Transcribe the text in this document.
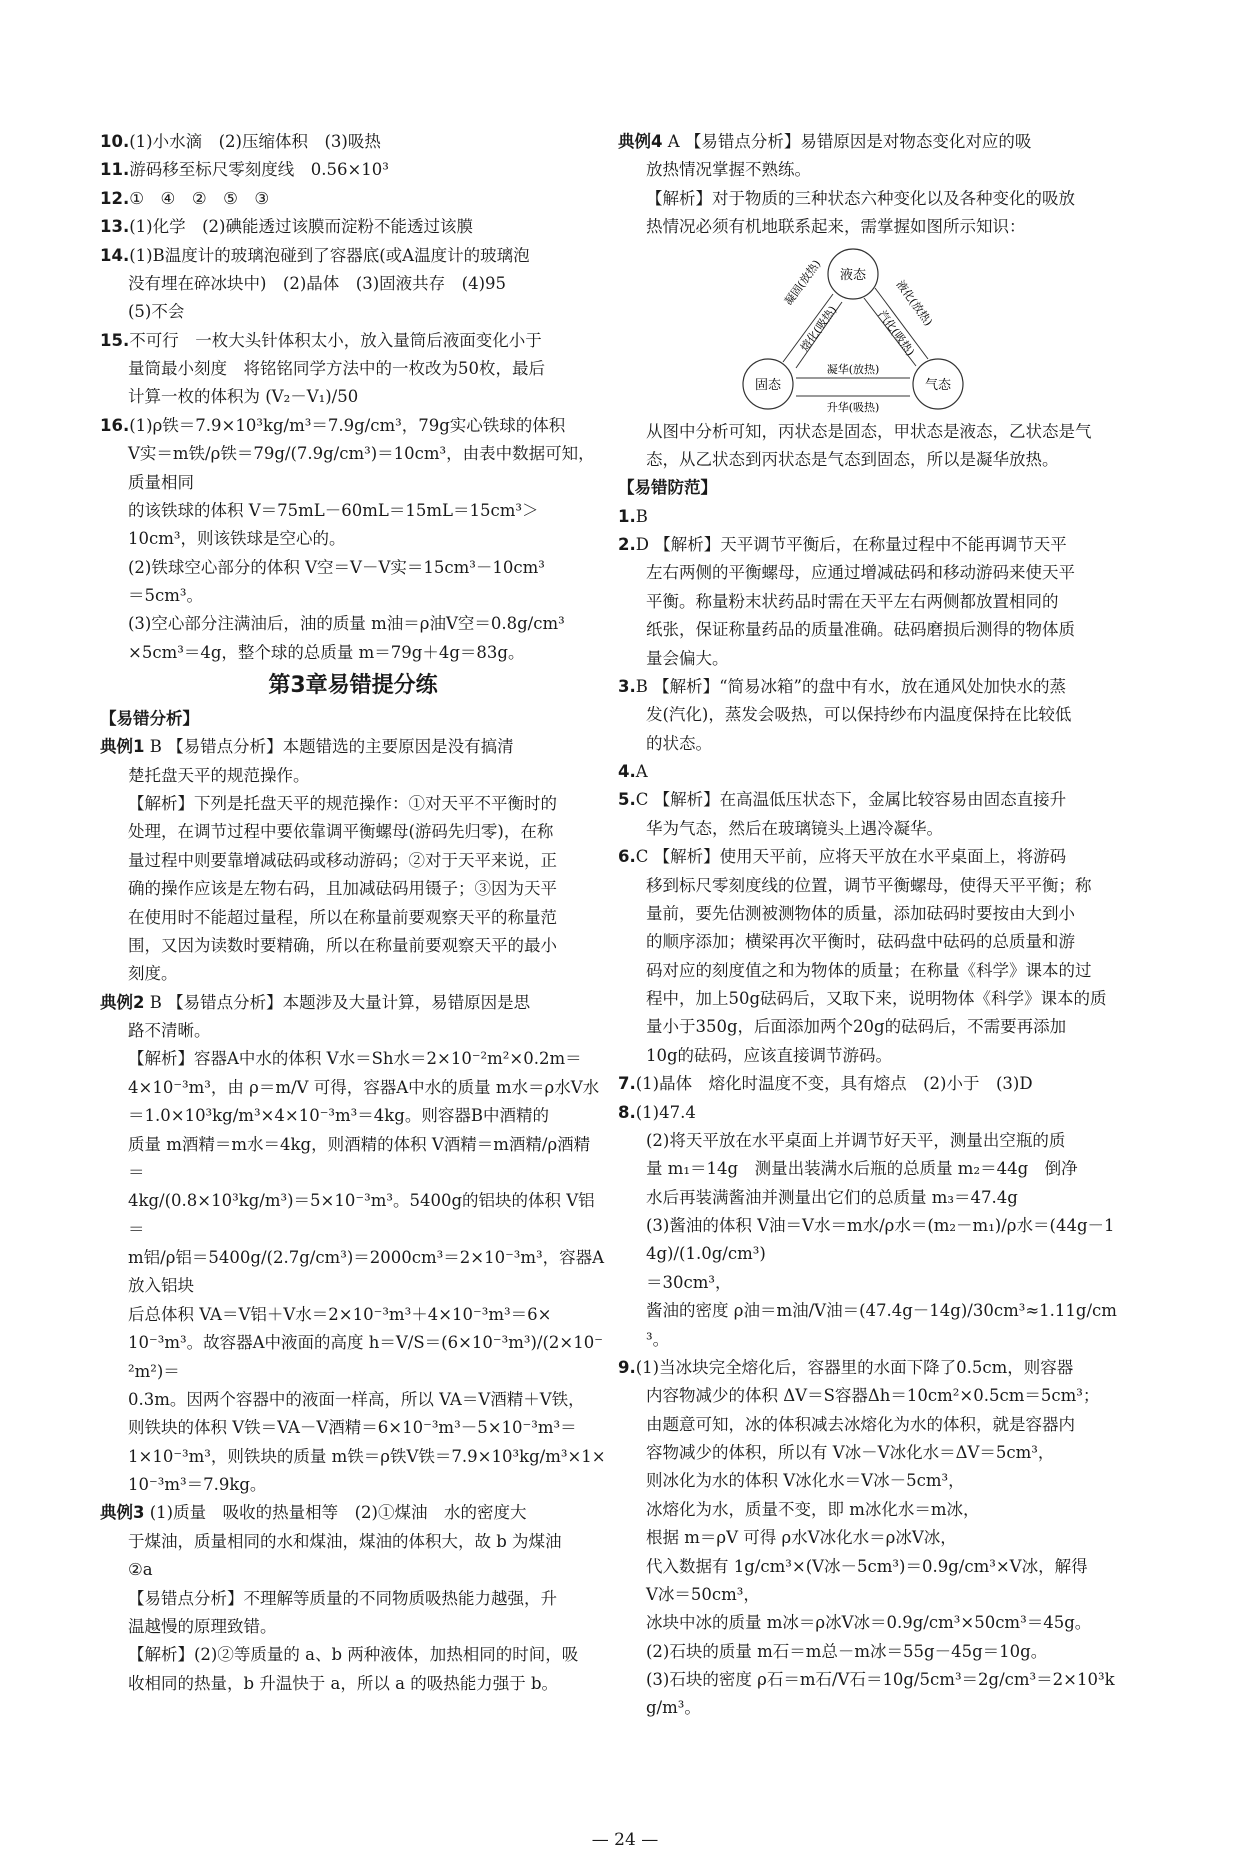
10.(1)小水滴　(2)压缩体积　(3)吸热

11.游码移至标尺零刻度线　0.56×10³

12.①　④　②　⑤　③

13.(1)化学　(2)碘能透过该膜而淀粉不能透过该膜

14.(1)B温度计的玻璃泡碰到了容器底(或A温度计的玻璃泡

没有埋在碎冰块中)　(2)晶体　(3)固液共存　(4)95

(5)不会

15.不可行　一枚大头针体积太小，放入量筒后液面变化小于

量筒最小刻度　将铭铭同学方法中的一枚改为50枚，最后

计算一枚的体积为 (V₂－V₁)/50

16.(1)ρ铁＝7.9×10³kg/m³＝7.9g/cm³，79g实心铁球的体积

V实＝m铁/ρ铁＝79g/(7.9g/cm³)＝10cm³，由表中数据可知，质量相同

的该铁球的体积 V＝75mL－60mL＝15mL＝15cm³＞

10cm³，则该铁球是空心的。

(2)铁球空心部分的体积 V空＝V－V实＝15cm³－10cm³

＝5cm³。

(3)空心部分注满油后，油的质量 m油＝ρ油V空＝0.8g/cm³

×5cm³＝4g，整个球的总质量 m＝79g＋4g＝83g。

第3章易错提分练

【易错分析】

典例1 B 【易错点分析】本题错选的主要原因是没有搞清

楚托盘天平的规范操作。

【解析】下列是托盘天平的规范操作：①对天平不平衡时的

处理，在调节过程中要依靠调平衡螺母(游码先归零)，在称

量过程中则要靠增减砝码或移动游码；②对于天平来说，正

确的操作应该是左物右码，且加减砝码用镊子；③因为天平

在使用时不能超过量程，所以在称量前要观察天平的称量范

围，又因为读数时要精确，所以在称量前要观察天平的最小

刻度。

典例2 B 【易错点分析】本题涉及大量计算，易错原因是思

路不清晰。

【解析】容器A中水的体积 V水＝Sh水＝2×10⁻²m²×0.2m＝

4×10⁻³m³，由 ρ＝m/V 可得，容器A中水的质量 m水＝ρ水V水

＝1.0×10³kg/m³×4×10⁻³m³＝4kg。则容器B中酒精的

质量 m酒精＝m水＝4kg，则酒精的体积 V酒精＝m酒精/ρ酒精＝

4kg/(0.8×10³kg/m³)＝5×10⁻³m³。5400g的铝块的体积 V铝＝

m铝/ρ铝＝5400g/(2.7g/cm³)＝2000cm³＝2×10⁻³m³，容器A放入铝块

后总体积 VA＝V铝＋V水＝2×10⁻³m³＋4×10⁻³m³＝6×

10⁻³m³。故容器A中液面的高度 h＝V/S＝(6×10⁻³m³)/(2×10⁻²m²)＝

0.3m。因两个容器中的液面一样高，所以 VA＝V酒精＋V铁，

则铁块的体积 V铁＝VA－V酒精＝6×10⁻³m³－5×10⁻³m³＝

1×10⁻³m³，则铁块的质量 m铁＝ρ铁V铁＝7.9×10³kg/m³×1×

10⁻³m³＝7.9kg。

典例3 (1)质量　吸收的热量相等　(2)①煤油　水的密度大

于煤油，质量相同的水和煤油，煤油的体积大，故 b 为煤油

②a

【易错点分析】不理解等质量的不同物质吸热能力越强，升

温越慢的原理致错。

【解析】(2)②等质量的 a、b 两种液体，加热相同的时间，吸

收相同的热量，b 升温快于 a，所以 a 的吸热能力强于 b。

典例4 A 【易错点分析】易错原因是对物态变化对应的吸

放热情况掌握不熟练。

【解析】对于物质的三种状态六种变化以及各种变化的吸放

热情况必须有机地联系起来，需掌握如图所示知识：

液态
固态	气态
凝固(放热)
熔化(吸热)
液化(放热)
汽化(吸热)
凝华(放热)
升华(吸热)

从图中分析可知，丙状态是固态，甲状态是液态，乙状态是气

态，从乙状态到丙状态是气态到固态，所以是凝华放热。

【易错防范】

1.B

2.D 【解析】天平调节平衡后，在称量过程中不能再调节天平

左右两侧的平衡螺母，应通过增减砝码和移动游码来使天平

平衡。称量粉末状药品时需在天平左右两侧都放置相同的

纸张，保证称量药品的质量准确。砝码磨损后测得的物体质

量会偏大。

3.B 【解析】“简易冰箱”的盘中有水，放在通风处加快水的蒸

发(汽化)，蒸发会吸热，可以保持纱布内温度保持在比较低

的状态。

4.A

5.C 【解析】在高温低压状态下，金属比较容易由固态直接升

华为气态，然后在玻璃镜头上遇冷凝华。

6.C 【解析】使用天平前，应将天平放在水平桌面上，将游码

移到标尺零刻度线的位置，调节平衡螺母，使得天平平衡；称

量前，要先估测被测物体的质量，添加砝码时要按由大到小

的顺序添加；横梁再次平衡时，砝码盘中砝码的总质量和游

码对应的刻度值之和为物体的质量；在称量《科学》课本的过

程中，加上50g砝码后，又取下来，说明物体《科学》课本的质

量小于350g，后面添加两个20g的砝码后，不需要再添加

10g的砝码，应该直接调节游码。

7.(1)晶体　熔化时温度不变，具有熔点　(2)小于　(3)D

8.(1)47.4

(2)将天平放在水平桌面上并调节好天平，测量出空瓶的质

量 m₁＝14g　测量出装满水后瓶的总质量 m₂＝44g　倒净

水后再装满酱油并测量出它们的总质量 m₃＝47.4g

(3)酱油的体积 V油＝V水＝m水/ρ水＝(m₂－m₁)/ρ水＝(44g－14g)/(1.0g/cm³)

＝30cm³，

酱油的密度 ρ油＝m油/V油＝(47.4g－14g)/30cm³≈1.11g/cm³。

9.(1)当冰块完全熔化后，容器里的水面下降了0.5cm，则容器

内容物减少的体积 ΔV＝S容器Δh＝10cm²×0.5cm＝5cm³；

由题意可知，冰的体积减去冰熔化为水的体积，就是容器内

容物减少的体积，所以有 V冰－V冰化水＝ΔV＝5cm³，

则冰化为水的体积 V冰化水＝V冰－5cm³，

冰熔化为水，质量不变，即 m冰化水＝m冰，

根据 m＝ρV 可得 ρ水V冰化水＝ρ冰V冰，

代入数据有 1g/cm³×(V冰－5cm³)＝0.9g/cm³×V冰，解得

V冰＝50cm³，

冰块中冰的质量 m冰＝ρ冰V冰＝0.9g/cm³×50cm³＝45g。

(2)石块的质量 m石＝m总－m冰＝55g－45g＝10g。

(3)石块的密度 ρ石＝m石/V石＝10g/5cm³＝2g/cm³＝2×10³kg/m³。

— 24 —
